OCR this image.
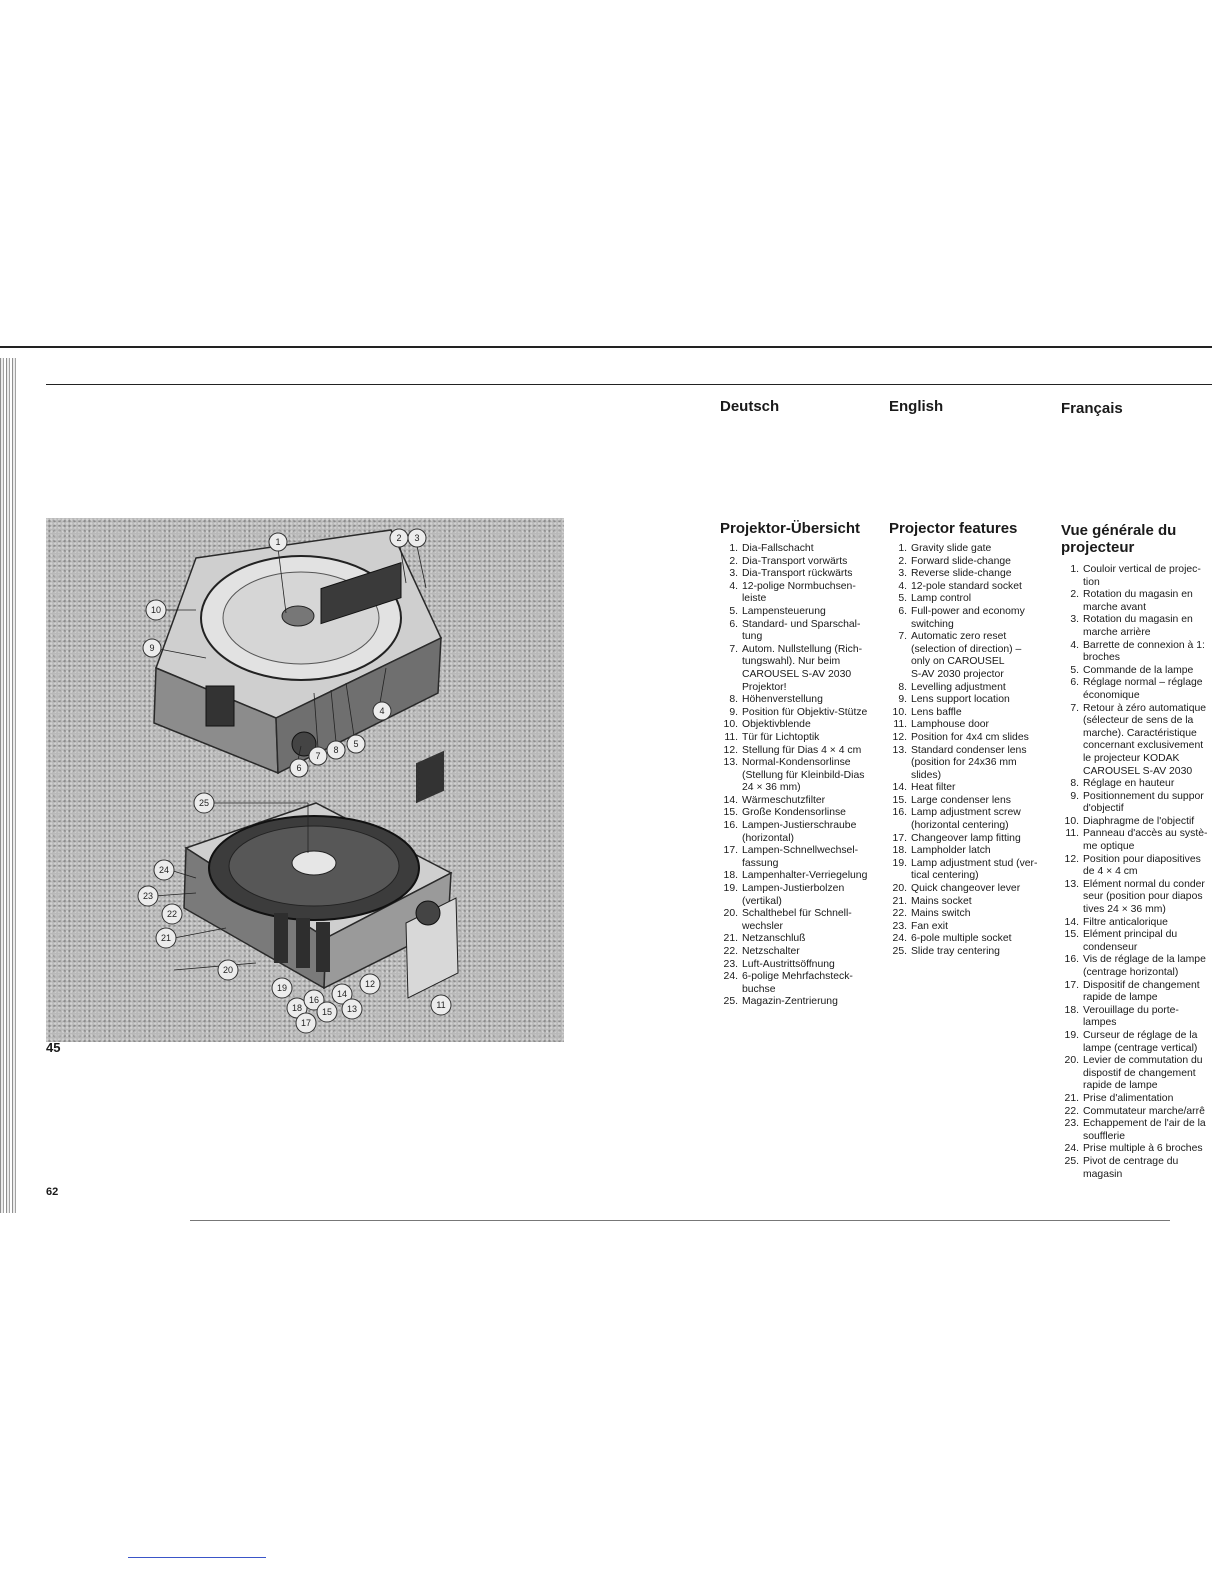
Deutsch	English	Français
1	2 3
10
9
4
5
6
7
8
25
24
23
22
21
20
19
18
17
16
15
14
13
12
11
45
62
Projektor-Übersicht
1. Dia-Fallschacht
2. Dia-Transport vorwärts
3. Dia-Transport rückwärts
4. 12-polige Normbuchsen-
leiste
5. Lampensteuerung
6. Standard- und Sparschal-
tung
7. Autom. Nullstellung (Rich-
tungswahl). Nur beim
CAROUSEL S-AV 2030
Projektor!
8. Höhenverstellung
9. Position für Objektiv-Stütze
10. Objektivblende
11. Tür für Lichtoptik
12. Stellung für Dias 4 × 4 cm
13. Normal-Kondensorlinse
(Stellung für Kleinbild-Dias
24 × 36 mm)
14. Wärmeschutzfilter
15. Große Kondensorlinse
16. Lampen-Justierschraube
(horizontal)
17. Lampen-Schnellwechsel-
fassung
18. Lampenhalter-Verriegelung
19. Lampen-Justierbolzen
(vertikal)
20. Schalthebel für Schnell-
wechsler
21. Netzanschluß
22. Netzschalter
23. Luft-Austrittsöffnung
24. 6-polige Mehrfachsteck-
buchse
25. Magazin-Zentrierung
Projector features
1. Gravity slide gate
2. Forward slide-change
3. Reverse slide-change
4. 12-pole standard socket
5. Lamp control
6. Full-power and economy
switching
7. Automatic zero reset
(selection of direction) –
only on CAROUSEL
S-AV 2030 projector
8. Levelling adjustment
9. Lens support location
10. Lens baffle
11. Lamphouse door
12. Position for 4x4 cm slides
13. Standard condenser lens
(position for 24x36 mm
slides)
14. Heat filter
15. Large condenser lens
16. Lamp adjustment screw
(horizontal centering)
17. Changeover lamp fitting
18. Lampholder latch
19. Lamp adjustment stud (ver-
tical centering)
20. Quick changeover lever
21. Mains socket
22. Mains switch
23. Fan exit
24. 6-pole multiple socket
25. Slide tray centering
Vue générale du
projecteur
1. Couloir vertical de projec-
tion
2. Rotation du magasin en
marche avant
3. Rotation du magasin en
marche arrière
4. Barrette de connexion à 1:
broches
5. Commande de la lampe
6. Réglage normal – réglage
économique
7. Retour à zéro automatique
(sélecteur de sens de la
marche). Caractéristique
concernant exclusivement
le projecteur KODAK
CAROUSEL S-AV 2030
8. Réglage en hauteur
9. Positionnement du suppor
d'objectif
10. Diaphragme de l'objectif
11. Panneau d'accès au systè-
me optique
12. Position pour diapositives
de 4 × 4 cm
13. Elément normal du conder
seur (position pour diapos
tives 24 × 36 mm)
14. Filtre anticalorique
15. Elément principal du
condenseur
16. Vis de réglage de la lampe
(centrage horizontal)
17. Dispositif de changement
rapide de lampe
18. Verouillage du porte-
lampes
19. Curseur de réglage de la
lampe (centrage vertical)
20. Levier de commutation du
dispostif de changement
rapide de lampe
21. Prise d'alimentation
22. Commutateur marche/arrê
23. Echappement de l'air de la
soufflerie
24. Prise multiple à 6 broches
25. Pivot de centrage du
magasin
